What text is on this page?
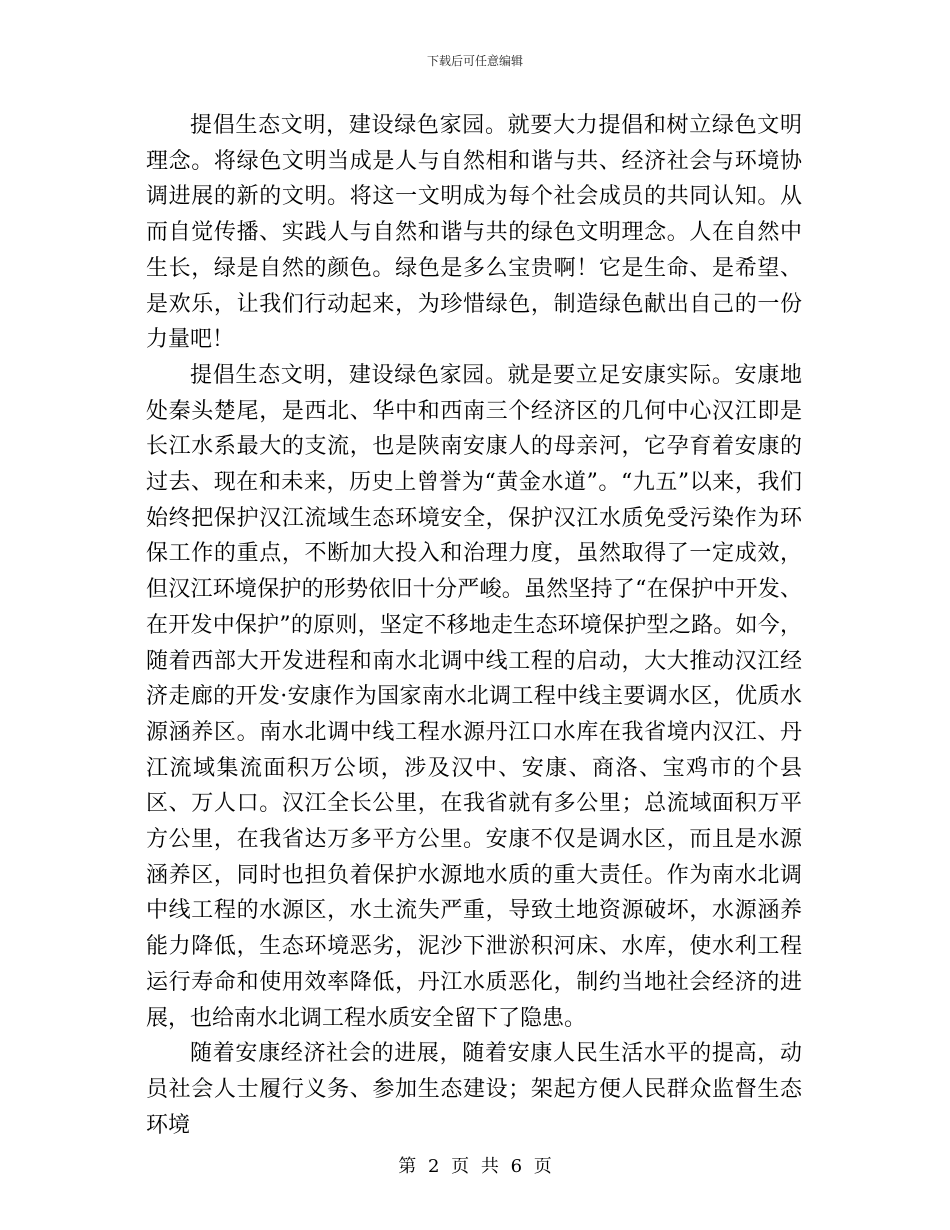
下载后可任意编辑

提倡生态文明，建设绿色家园。就要大力提倡和树立绿色文明理念。将绿色文明当成是人与自然相和谐与共、经济社会与环境协调进展的新的文明。将这一文明成为每个社会成员的共同认知。从而自觉传播、实践人与自然和谐与共的绿色文明理念。人在自然中生长，绿是自然的颜色。绿色是多么宝贵啊！它是生命、是希望、是欢乐，让我们行动起来，为珍惜绿色，制造绿色献出自己的一份力量吧！

提倡生态文明，建设绿色家园。就是要立足安康实际。安康地处秦头楚尾，是西北、华中和西南三个经济区的几何中心汉江即是长江水系最大的支流，也是陕南安康人的母亲河，它孕育着安康的过去、现在和未来，历史上曾誉为“黄金水道”。“九五”以来，我们始终把保护汉江流域生态环境安全，保护汉江水质免受污染作为环保工作的重点，不断加大投入和治理力度，虽然取得了一定成效，但汉江环境保护的形势依旧十分严峻。虽然坚持了“在保护中开发、在开发中保护”的原则，坚定不移地走生态环境保护型之路。如今，随着西部大开发进程和南水北调中线工程的启动，大大推动汉江经济走廊的开发·安康作为国家南水北调工程中线主要调水区，优质水源涵养区。南水北调中线工程水源丹江口水库在我省境内汉江、丹江流域集流面积万公顷，涉及汉中、安康、商洛、宝鸡市的个县区、万人口。汉江全长公里，在我省就有多公里；总流域面积万平方公里，在我省达万多平方公里。安康不仅是调水区，而且是水源涵养区，同时也担负着保护水源地水质的重大责任。作为南水北调中线工程的水源区，水土流失严重，导致土地资源破坏，水源涵养能力降低，生态环境恶劣，泥沙下泄淤积河床、水库，使水利工程运行寿命和使用效率降低，丹江水质恶化，制约当地社会经济的进展，也给南水北调工程水质安全留下了隐患。

随着安康经济社会的进展，随着安康人民生活水平的提高，动员社会人士履行义务、参加生态建设；架起方便人民群众监督生态环境

第 2 页 共 6 页
